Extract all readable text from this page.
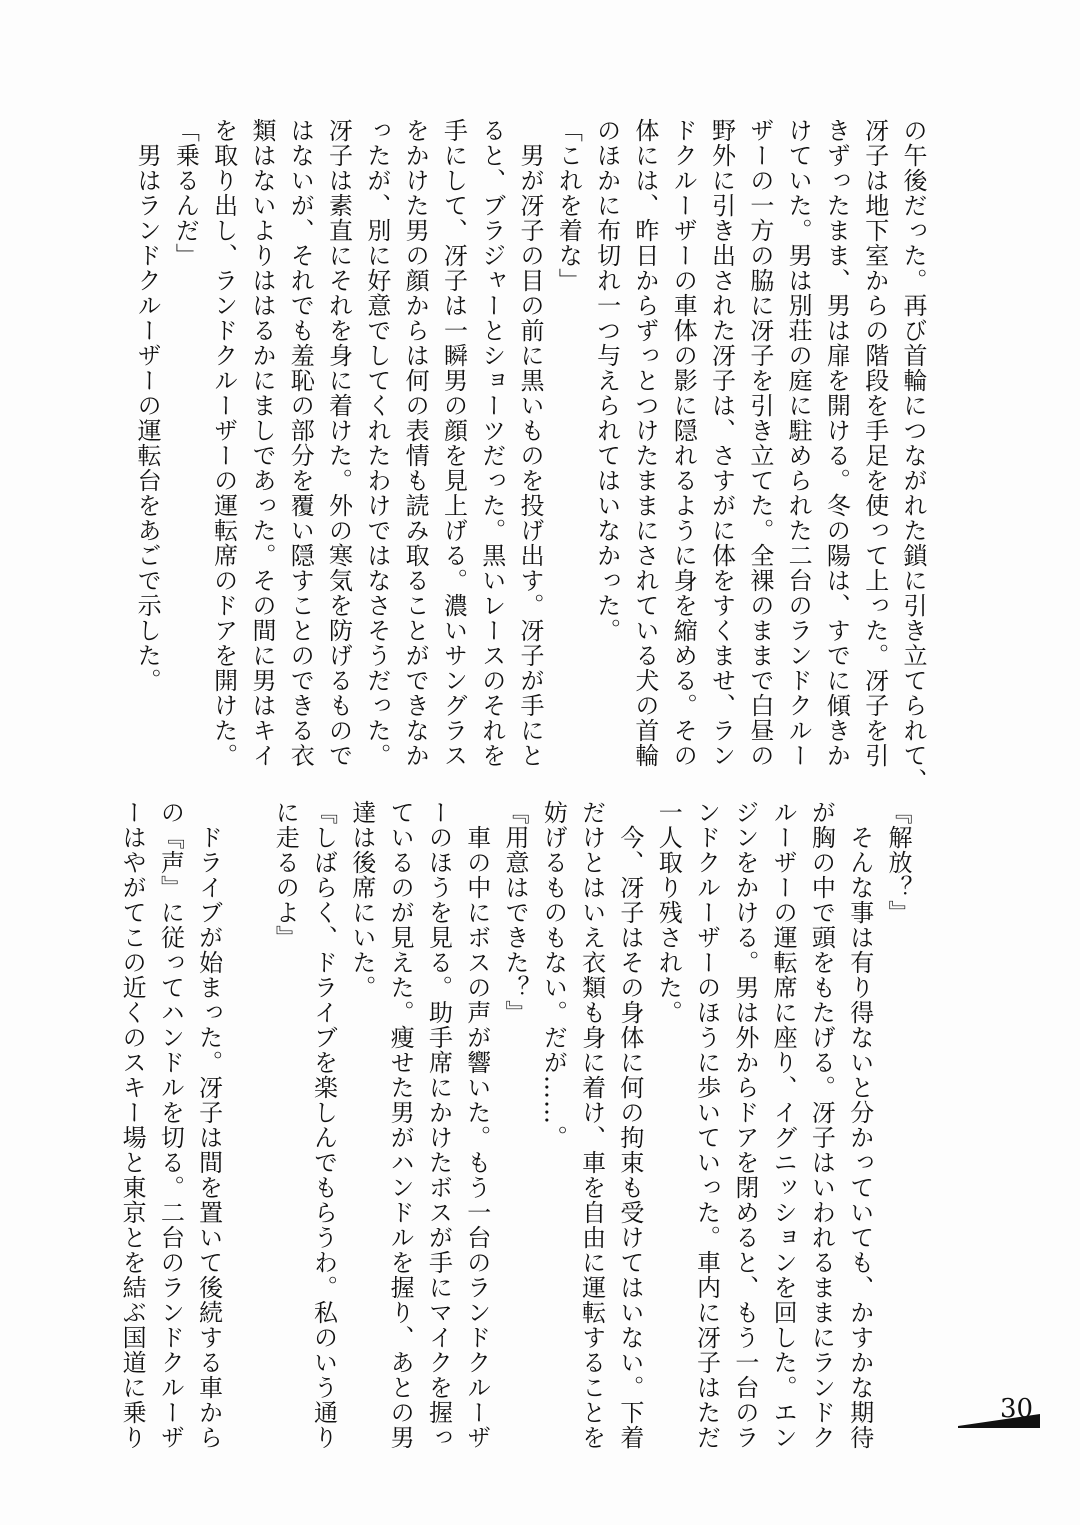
の午後だった。再び首輪につながれた鎖に引き立てられて、
冴子は地下室からの階段を手足を使って上った。冴子を引
きずったまま、男は扉を開ける。冬の陽は、すでに傾きか
けていた。男は別荘の庭に駐められた二台のランドクルー
ザーの一方の脇に冴子を引き立てた。全裸のままで白昼の
野外に引き出された冴子は、さすがに体をすくませ、ラン
ドクルーザーの車体の影に隠れるように身を縮める。その
体には、昨日からずっとつけたままにされている犬の首輪
のほかに布切れ一つ与えられてはいなかった。
「これを着な」
　男が冴子の目の前に黒いものを投げ出す。冴子が手にと
ると、ブラジャーとショーツだった。黒いレースのそれを
手にして、冴子は一瞬男の顔を見上げる。濃いサングラス
をかけた男の顔からは何の表情も読み取ることができなか
ったが、別に好意でしてくれたわけではなさそうだった。
冴子は素直にそれを身に着けた。外の寒気を防げるもので
はないが、それでも羞恥の部分を覆い隠すことのできる衣
類はないよりははるかにましであった。その間に男はキイ
を取り出し、ランドクルーザーの運転席のドアを開けた。
「乗るんだ」
　男はランドクルーザーの運転台をあごで示した。
『解放？』
　そんな事は有り得ないと分かっていても、かすかな期待
が胸の中で頭をもたげる。冴子はいわれるままにランドク
ルーザーの運転席に座り、イグニッションを回した。エン
ジンをかける。男は外からドアを閉めると、もう一台のラ
ンドクルーザーのほうに歩いていった。車内に冴子はただ
一人取り残された。
　今、冴子はその身体に何の拘束も受けてはいない。下着
だけとはいえ衣類も身に着け、車を自由に運転することを
妨げるものもない。だが……。
『用意はできた？』
　車の中にボスの声が響いた。もう一台のランドクルーザ
ーのほうを見る。助手席にかけたボスが手にマイクを握っ
ているのが見えた。痩せた男がハンドルを握り、あとの男
達は後席にいた。
『しばらく、ドライブを楽しんでもらうわ。私のいう通り
に走るのよ』
　ドライブが始まった。冴子は間を置いて後続する車から
の『声』に従ってハンドルを切る。二台のランドクルーザ
ーはやがてこの近くのスキー場と東京とを結ぶ国道に乗り	30
